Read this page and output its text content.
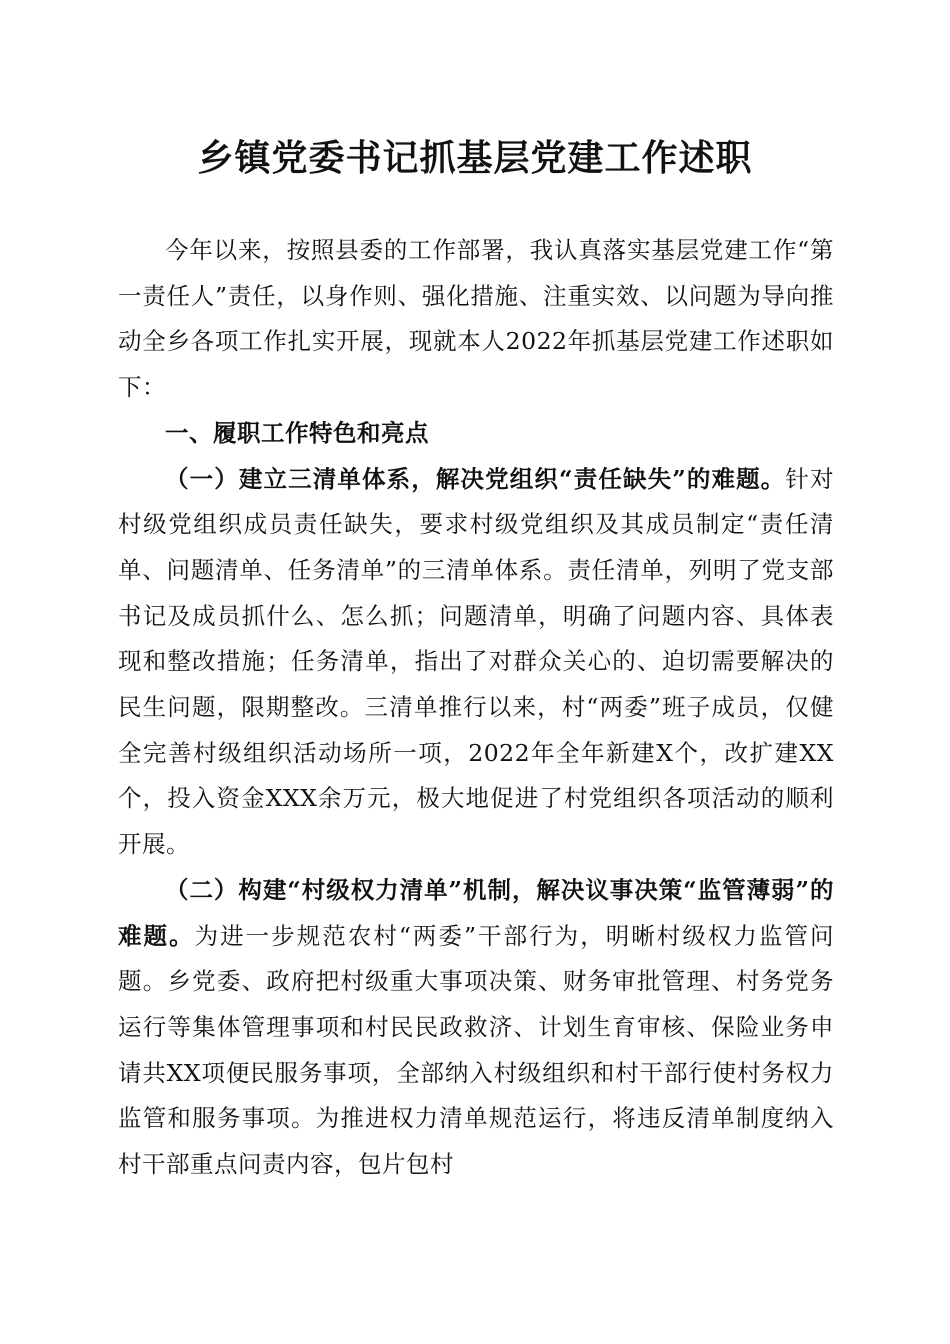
乡镇党委书记抓基层党建工作述职

今年以来，按照县委的工作部署，我认真落实基层党建工作“第一责任人”责任，以身作则、强化措施、注重实效、以问题为导向推动全乡各项工作扎实开展，现就本人2022年抓基层党建工作述职如下：

一、履职工作特色和亮点

（一）建立三清单体系，解决党组织“责任缺失”的难题。针对村级党组织成员责任缺失，要求村级党组织及其成员制定“责任清单、问题清单、任务清单”的三清单体系。责任清单，列明了党支部书记及成员抓什么、怎么抓；问题清单，明确了问题内容、具体表现和整改措施；任务清单，指出了对群众关心的、迫切需要解决的民生问题，限期整改。三清单推行以来，村“两委”班子成员，仅健全完善村级组织活动场所一项，2022年全年新建X个，改扩建XX个，投入资金XXX余万元，极大地促进了村党组织各项活动的顺利开展。

（二）构建“村级权力清单”机制，解决议事决策“监管薄弱”的难题。为进一步规范农村“两委”干部行为，明晰村级权力监管问题。乡党委、政府把村级重大事项决策、财务审批管理、村务党务运行等集体管理事项和村民民政救济、计划生育审核、保险业务申请共XX项便民服务事项，全部纳入村级组织和村干部行使村务权力监管和服务事项。为推进权力清单规范运行，将违反清单制度纳入村干部重点问责内容，包片包村
